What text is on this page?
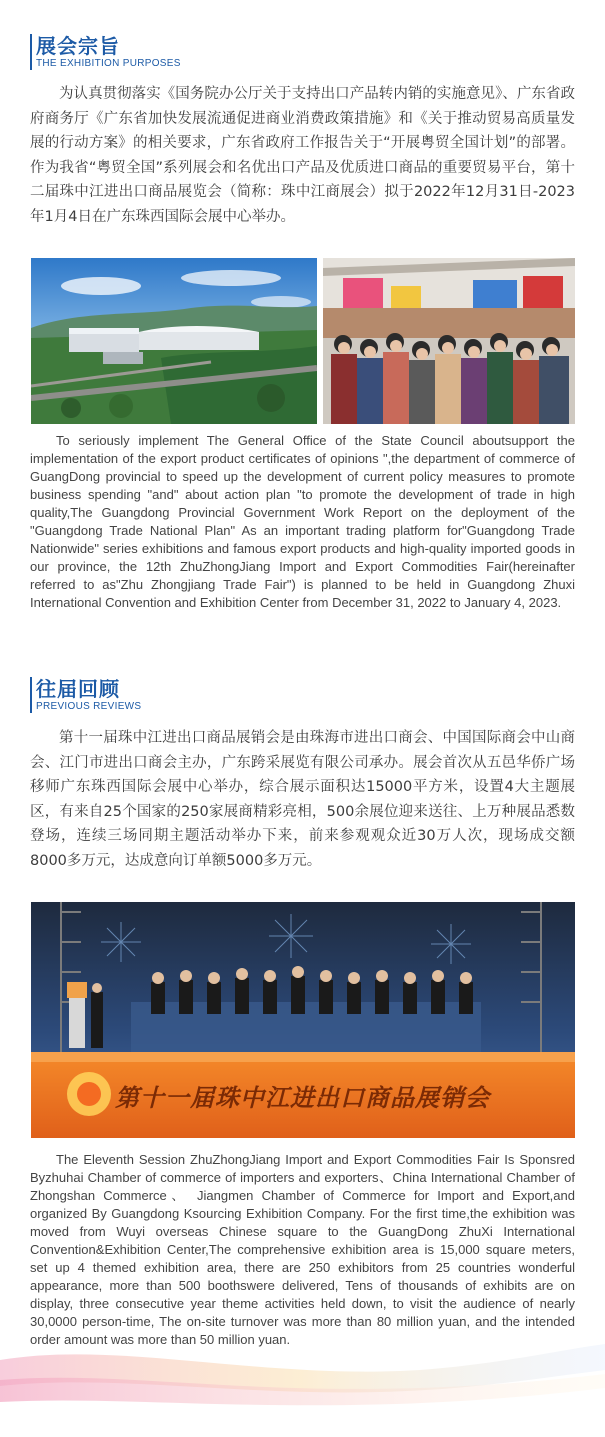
展会宗旨
THE EXHIBITION PURPOSES

为认真贯彻落实《国务院办公厅关于支持出口产品转内销的实施意见》、广东省政府商务厅《广东省加快发展流通促进商业消费政策措施》和《关于推动贸易高质量发展的行动方案》的相关要求，广东省政府工作报告关于“开展粤贸全国计划”的部署。作为我省“粤贸全国”系列展会和名优出口产品及优质进口商品的重要贸易平台，第十二届珠中江进出口商品展览会（简称：珠中江商展会）拟于2022年12月31日-2023年1月4日在广东珠西国际会展中心举办。

To seriously implement The General Office of the State Council aboutsupport the implementation of the export product certificates of opinions ",the department of commerce of GuangDong provincial to speed up the development of current policy measures to promote business spending "and" about action plan "to promote the development of trade in high quality,The Guangdong Provincial Government Work Report on the deployment of the "Guangdong Trade National Plan" As an important trading platform for"Guangdong Trade Nationwide" series exhibitions and famous export products and high-quality imported goods in our province, the 12th ZhuZhongJiang Import and Export Commodities Fair(hereinafter referred to as"Zhu Zhongjiang Trade Fair") is planned to be held in Guangdong Zhuxi International Convention and Exhibition Center from December 31, 2022 to January 4, 2023.

往届回顾
PREVIOUS REVIEWS

第十一届珠中江进出口商品展销会是由珠海市进出口商会、中国国际商会中山商会、江门市进出口商会主办，广东跨采展览有限公司承办。展会首次从五邑华侨广场移师广东珠西国际会展中心举办，综合展示面积达15000平方米，设置4大主题展区，有来自25个国家的250家展商精彩亮相，500余展位迎来送往、上万种展品悉数登场，连续三场同期主题活动举办下来，前来参观观众近30万人次，现场成交额8000多万元，达成意向订单额5000多万元。

第十一届珠中江进出口商品展销会

The Eleventh Session ZhuZhongJiang Import and Export Commodities Fair Is Sponsred Byzhuhai Chamber of commerce of importers and exporters、China International Chamber of Zhongshan Commerce、 Jiangmen Chamber of Commerce for Import and Export,and organized By Guangdong Ksourcing Exhibition Company. For the first time,the exhibition was moved from Wuyi overseas Chinese square to the GuangDong ZhuXi International Convention&Exhibition Center,The comprehensive exhibition area is 15,000 square meters, set up 4 themed exhibition area, there are 250 exhibitors from 25 countries wonderful appearance, more than 500 boothswere delivered, Tens of thousands of exhibits are on display, three consecutive year theme activities held down, to visit the audience of nearly 30,0000 person-time, The on-site turnover was more than 80 million yuan, and the intended order amount was more than 50 million yuan.
